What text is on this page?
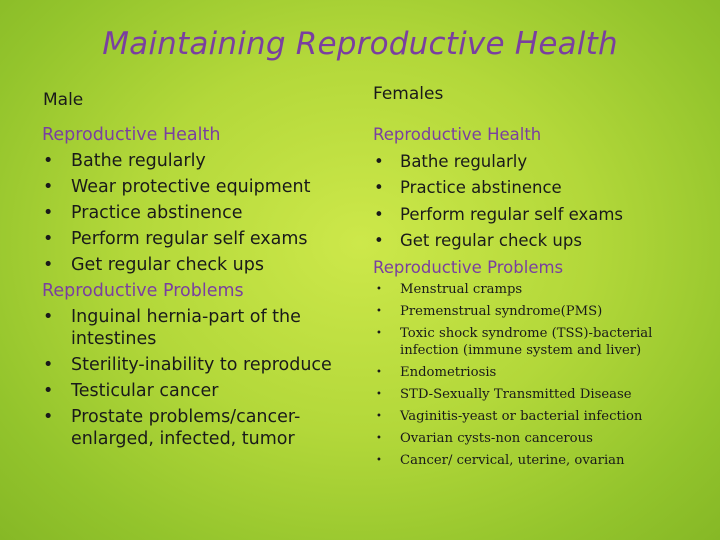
Maintaining Reproductive Health
Male	Females
Reproductive Health
• Bathe regularly
• Wear protective equipment
• Practice abstinence
• Perform regular self exams
• Get regular check ups
Reproductive Problems
• Inguinal hernia-part of the intestines
• Sterility-inability to reproduce
• Testicular cancer
• Prostate problems/cancer-enlarged, infected, tumor
Reproductive Health
• Bathe regularly
• Practice abstinence
• Perform regular self exams
• Get regular check ups
Reproductive Problems
• Menstrual cramps
• Premenstrual syndrome(PMS)
• Toxic shock syndrome (TSS)-bacterial infection (immune system and liver)
• Endometriosis
• STD-Sexually Transmitted Disease
• Vaginitis-yeast or bacterial infection
• Ovarian cysts-non cancerous
• Cancer/ cervical, uterine, ovarian
